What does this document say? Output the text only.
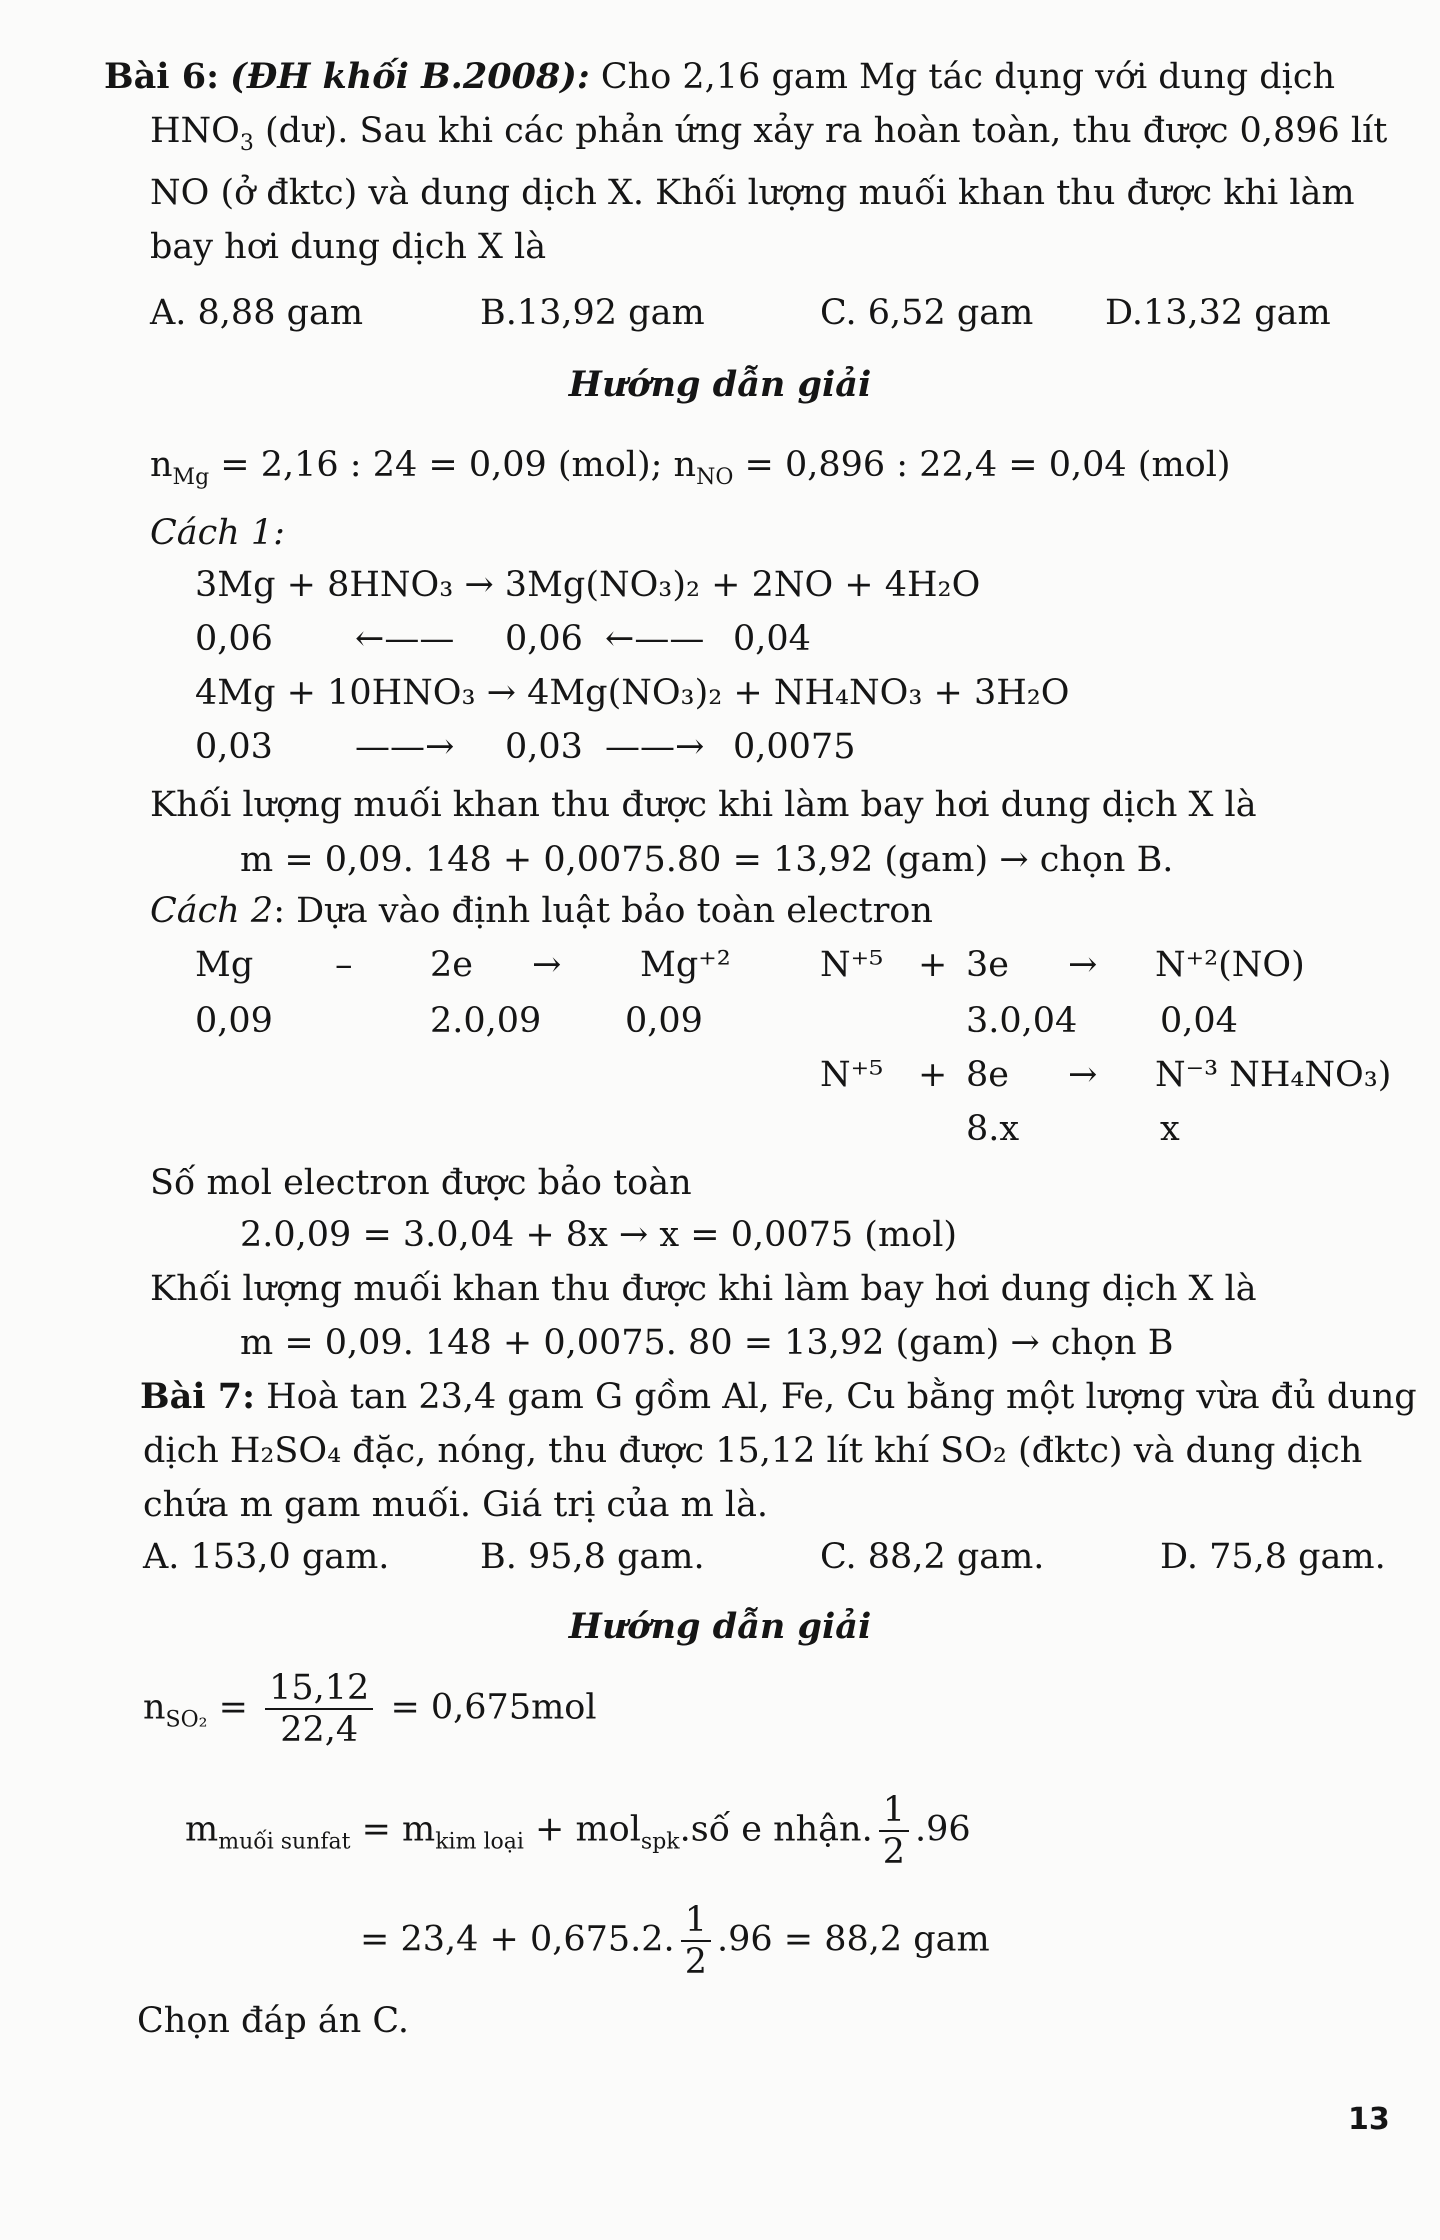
Bài 6: (ĐH khối B.2008): Cho 2,16 gam Mg tác dụng với dung dịch
$HNO_3$ (dư). Sau khi các phản ứng xảy ra hoàn toàn, thu được 0,896 lít
NO (ở đktc) và dung dịch X. Khối lượng muối khan thu được khi làm
bay hơi dung dịch X là
A. 8,88 gam	B.13,92 gam	C. 6,52 gam D.13,32 gam
Hướng dẫn giải
$n_{Mg} = 2,16$ : 24 = 0,09 (mol); $n_{NO} = 0,896$ : 22,4 = 0,04 (mol)
Cách 1:
3Mg + 8HNO₃ → 3Mg(NO₃)₂ + 2NO + 4H₂O
0,06 ←—— 0,06 ←—— 0,04
4Mg + 10HNO₃ → 4Mg(NO₃)₂ + NH₄NO₃ + 3H₂O
0,03 ——→ 0,03 ——→ 0,0075
Khối lượng muối khan thu được khi làm bay hơi dung dịch X là
m = 0,09. 148 + 0,0075.80 = 13,92 (gam) → chọn B.
Cách 2: Dựa vào định luật bảo toàn electron
Mg – 2e → Mg⁺²	N⁺⁵ + 3e → N⁺²(NO)
0,09	2.0,09 0,09	3.0,04 0,04
N⁺⁵ + 8e → N⁻³ NH₄NO₃)
8.x	x
Số mol electron được bảo toàn
2.0,09 = 3.0,04 + 8x → x = 0,0075 (mol)
Khối lượng muối khan thu được khi làm bay hơi dung dịch X là
m = 0,09. 148 + 0,0075. 80 = 13,92 (gam) → chọn B
Bài 7: Hoà tan 23,4 gam G gồm Al, Fe, Cu bằng một lượng vừa đủ dung
dịch H₂SO₄ đặc, nóng, thu được 15,12 lít khí SO₂ (đktc) và dung dịch
chứa m gam muối. Giá trị của m là.
A. 153,0 gam.	B. 95,8 gam.	C. 88,2 gam.	D. 75,8 gam.
Hướng dẫn giải
$n_{SO_2} = \frac{15,12}{22,4} = 0,675mol$
$m_{muối sunfat} = m_{kim loại}$ + mol$_{spk}$.số e nhận. $\frac{1}{2} .96$
= 23,4 + 0,675.2. $\frac{1}{2} .96 = 88,2$ gam
Chọn đáp án C.
13
